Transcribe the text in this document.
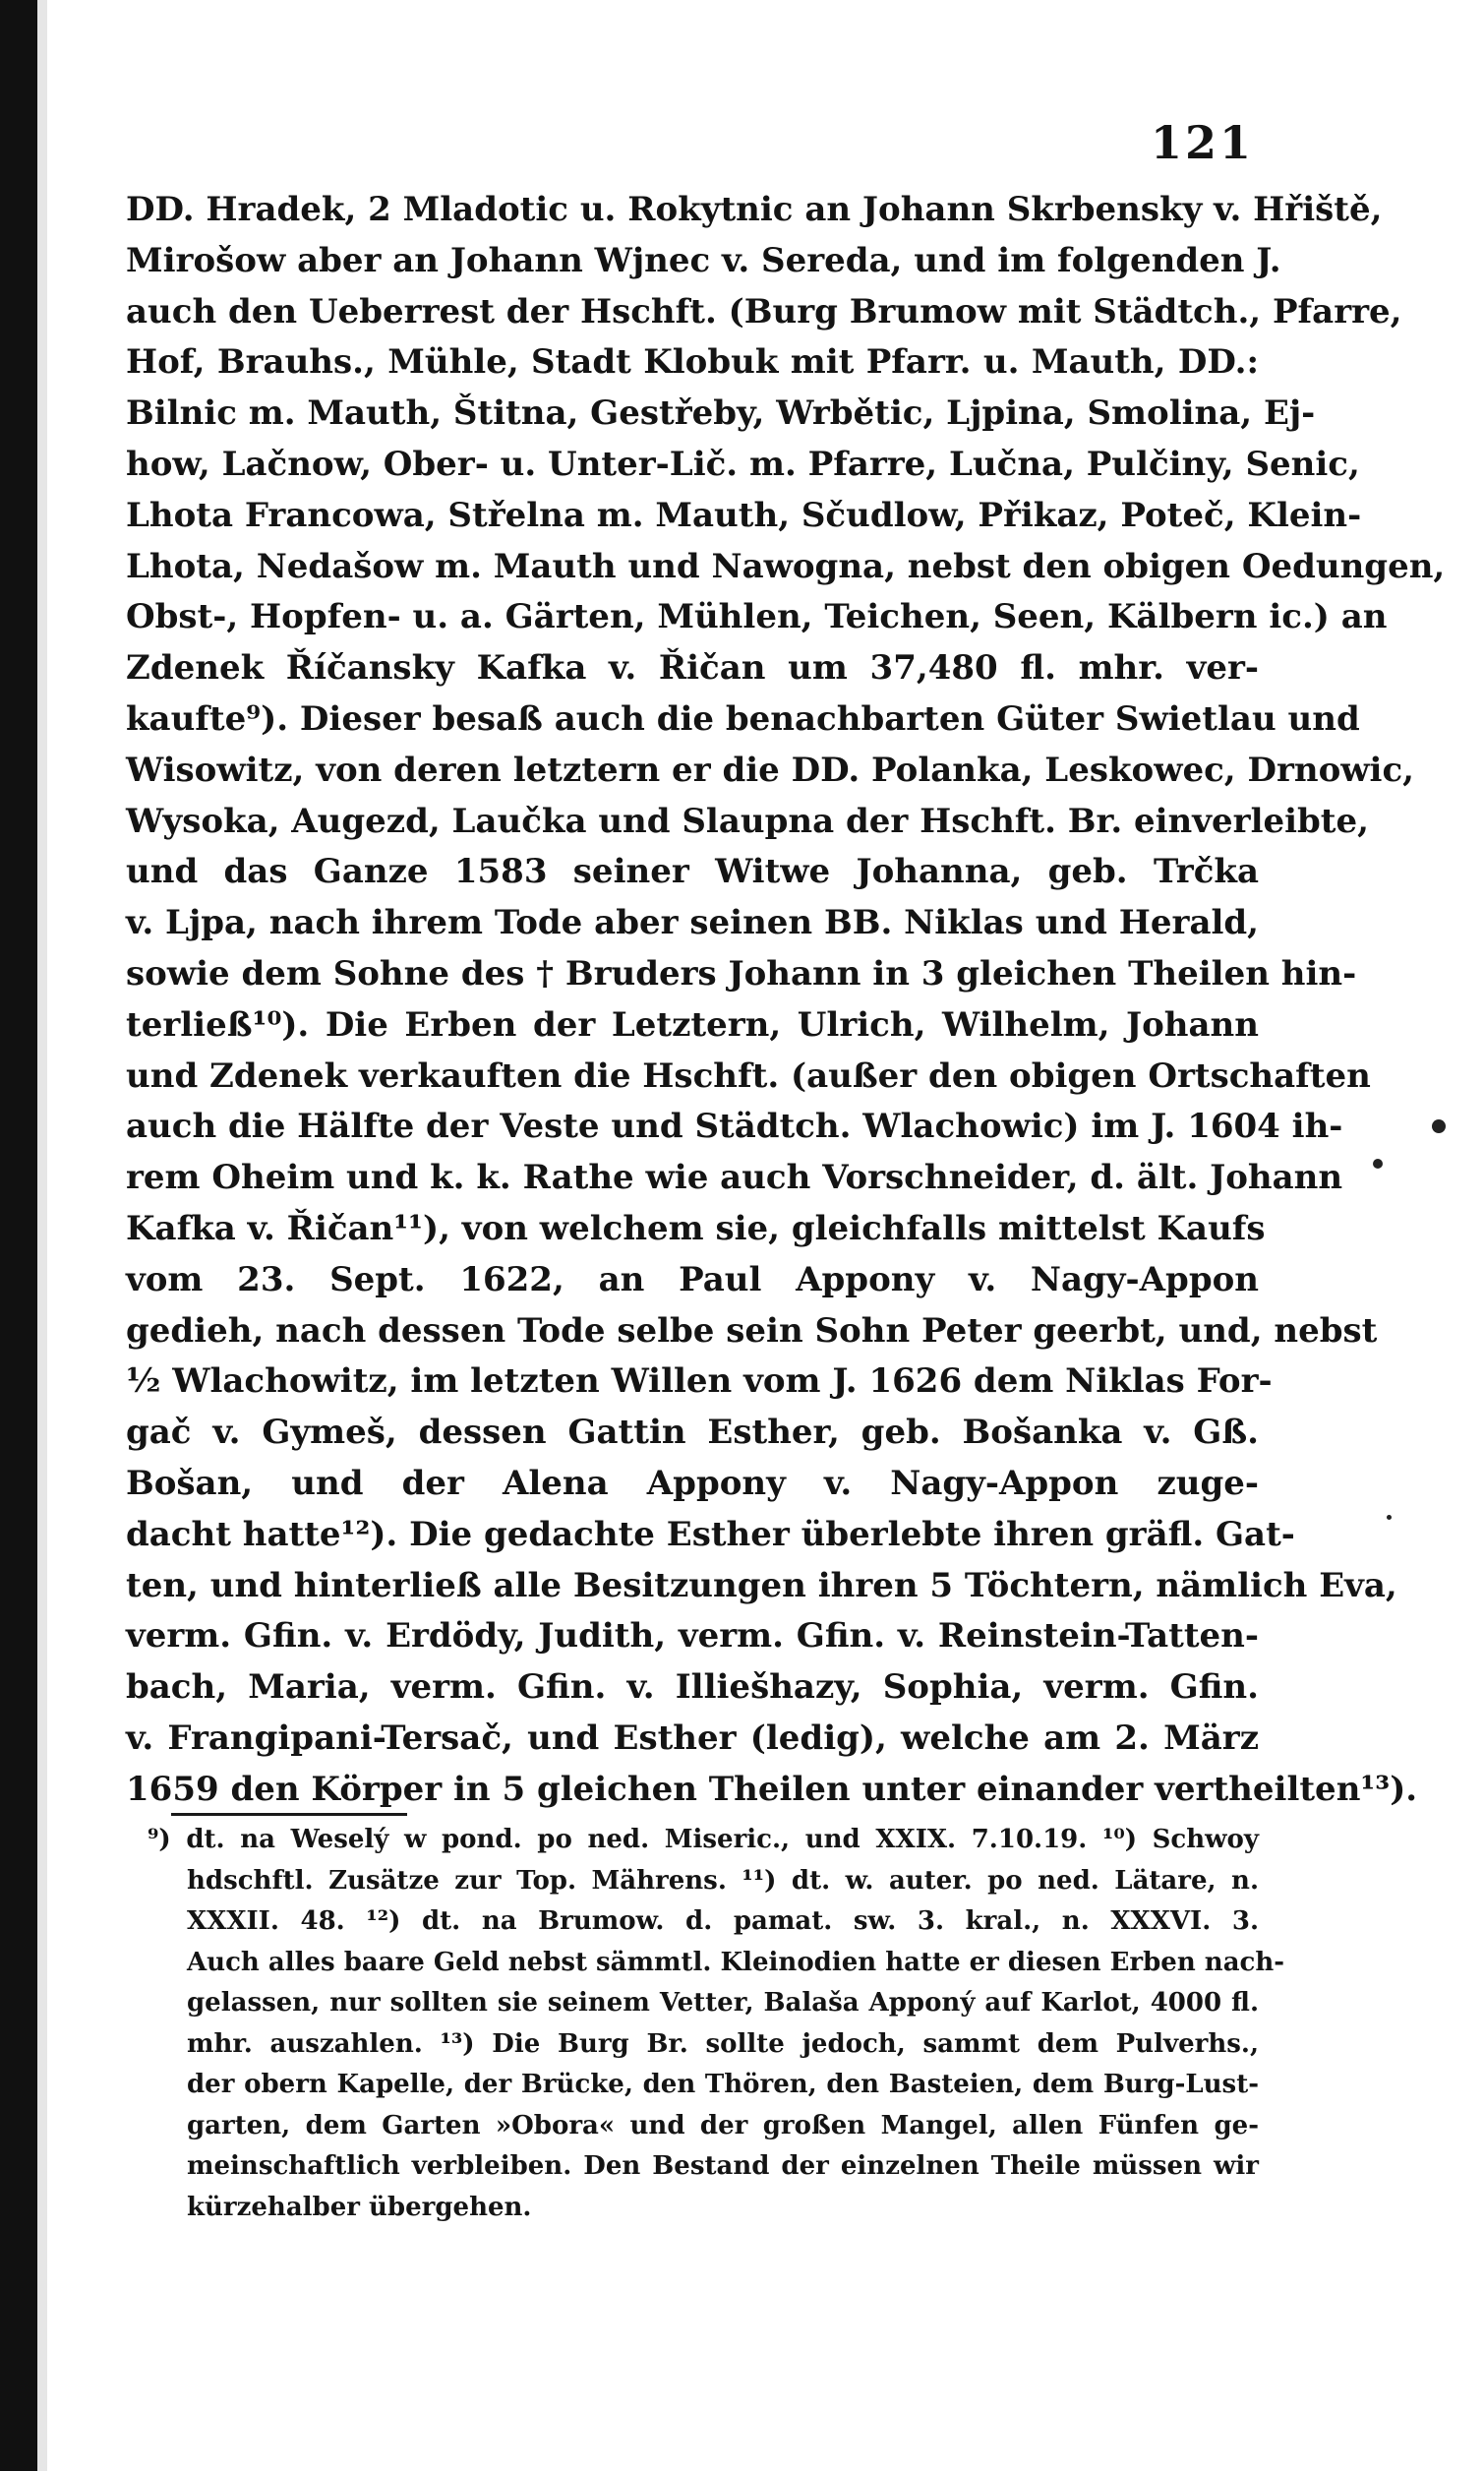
121
DD. Hradek, 2 Mladotic u. Rokytnic an Johann Skrbensky v. Hřiště,
Mirošow aber an Johann Wjnec v. Sereda, und im folgenden J.
auch den Ueberrest der Hschft. (Burg Brumow mit Städtch., Pfarre,
Hof, Brauhs., Mühle, Stadt Klobuk mit Pfarr. u. Mauth, DD.:
Bilnic m. Mauth, Štitna, Gestřeby, Wrbětic, Ljpina, Smolina, Ej-
how, Lačnow, Ober- u. Unter-Lič. m. Pfarre, Lučna, Pulčiny, Senic,
Lhota Francowa, Střelna m. Mauth, Sčudlow, Přikaz, Poteč, Klein-
Lhota, Nedašow m. Mauth und Nawogna, nebst den obigen Oedungen,
Obst-, Hopfen- u. a. Gärten, Mühlen, Teichen, Seen, Kälbern ic.) an
Zdenek Říčansky Kafka v. Řičan um 37,480 fl. mhr. ver-
kaufte⁹). Dieser besaß auch die benachbarten Güter Swietlau und
Wisowitz, von deren letztern er die DD. Polanka, Leskowec, Drnowic,
Wysoka, Augezd, Laučka und Slaupna der Hschft. Br. einverleibte,
und das Ganze 1583 seiner Witwe Johanna, geb. Trčka
v. Ljpa, nach ihrem Tode aber seinen BB. Niklas und Herald,
sowie dem Sohne des † Bruders Johann in 3 gleichen Theilen hin-
terließ¹⁰). Die Erben der Letztern, Ulrich, Wilhelm, Johann
und Zdenek verkauften die Hschft. (außer den obigen Ortschaften
auch die Hälfte der Veste und Städtch. Wlachowic) im J. 1604 ih-
rem Oheim und k. k. Rathe wie auch Vorschneider, d. ält. Johann
Kafka v. Řičan¹¹), von welchem sie, gleichfalls mittelst Kaufs
vom 23. Sept. 1622, an Paul Appony v. Nagy-Appon
gedieh, nach dessen Tode selbe sein Sohn Peter geerbt, und, nebst
½ Wlachowitz, im letzten Willen vom J. 1626 dem Niklas For-
gač v. Gymeš, dessen Gattin Esther, geb. Bošanka v. Gß.
Bošan, und der Alena Appony v. Nagy-Appon zuge-
dacht hatte¹²). Die gedachte Esther überlebte ihren gräfl. Gat-
ten, und hinterließ alle Besitzungen ihren 5 Töchtern, nämlich Eva,
verm. Gfin. v. Erdödy, Judith, verm. Gfin. v. Reinstein-Tatten-
bach, Maria, verm. Gfin. v. Illiešhazy, Sophia, verm. Gfin.
v. Frangipani-Tersač, und Esther (ledig), welche am 2. März
1659 den Körper in 5 gleichen Theilen unter einander vertheilten¹³).
⁹) dt. na Weselý w pond. po ned. Miseric., und XXIX. 7.10.19. ¹⁰) Schwoy
hdschftl. Zusätze zur Top. Mährens. ¹¹) dt. w. auter. po ned. Lätare, n.
XXXII. 48. ¹²) dt. na Brumow. d. pamat. sw. 3. kral., n. XXXVI. 3.
Auch alles baare Geld nebst sämmtl. Kleinodien hatte er diesen Erben nach-
gelassen, nur sollten sie seinem Vetter, Balaša Apponý auf Karlot, 4000 fl.
mhr. auszahlen. ¹³) Die Burg Br. sollte jedoch, sammt dem Pulverhs.,
der obern Kapelle, der Brücke, den Thören, den Basteien, dem Burg-Lust-
garten, dem Garten »Obora« und der großen Mangel, allen Fünfen ge-
meinschaftlich verbleiben. Den Bestand der einzelnen Theile müssen wir
kürzehalber übergehen.
